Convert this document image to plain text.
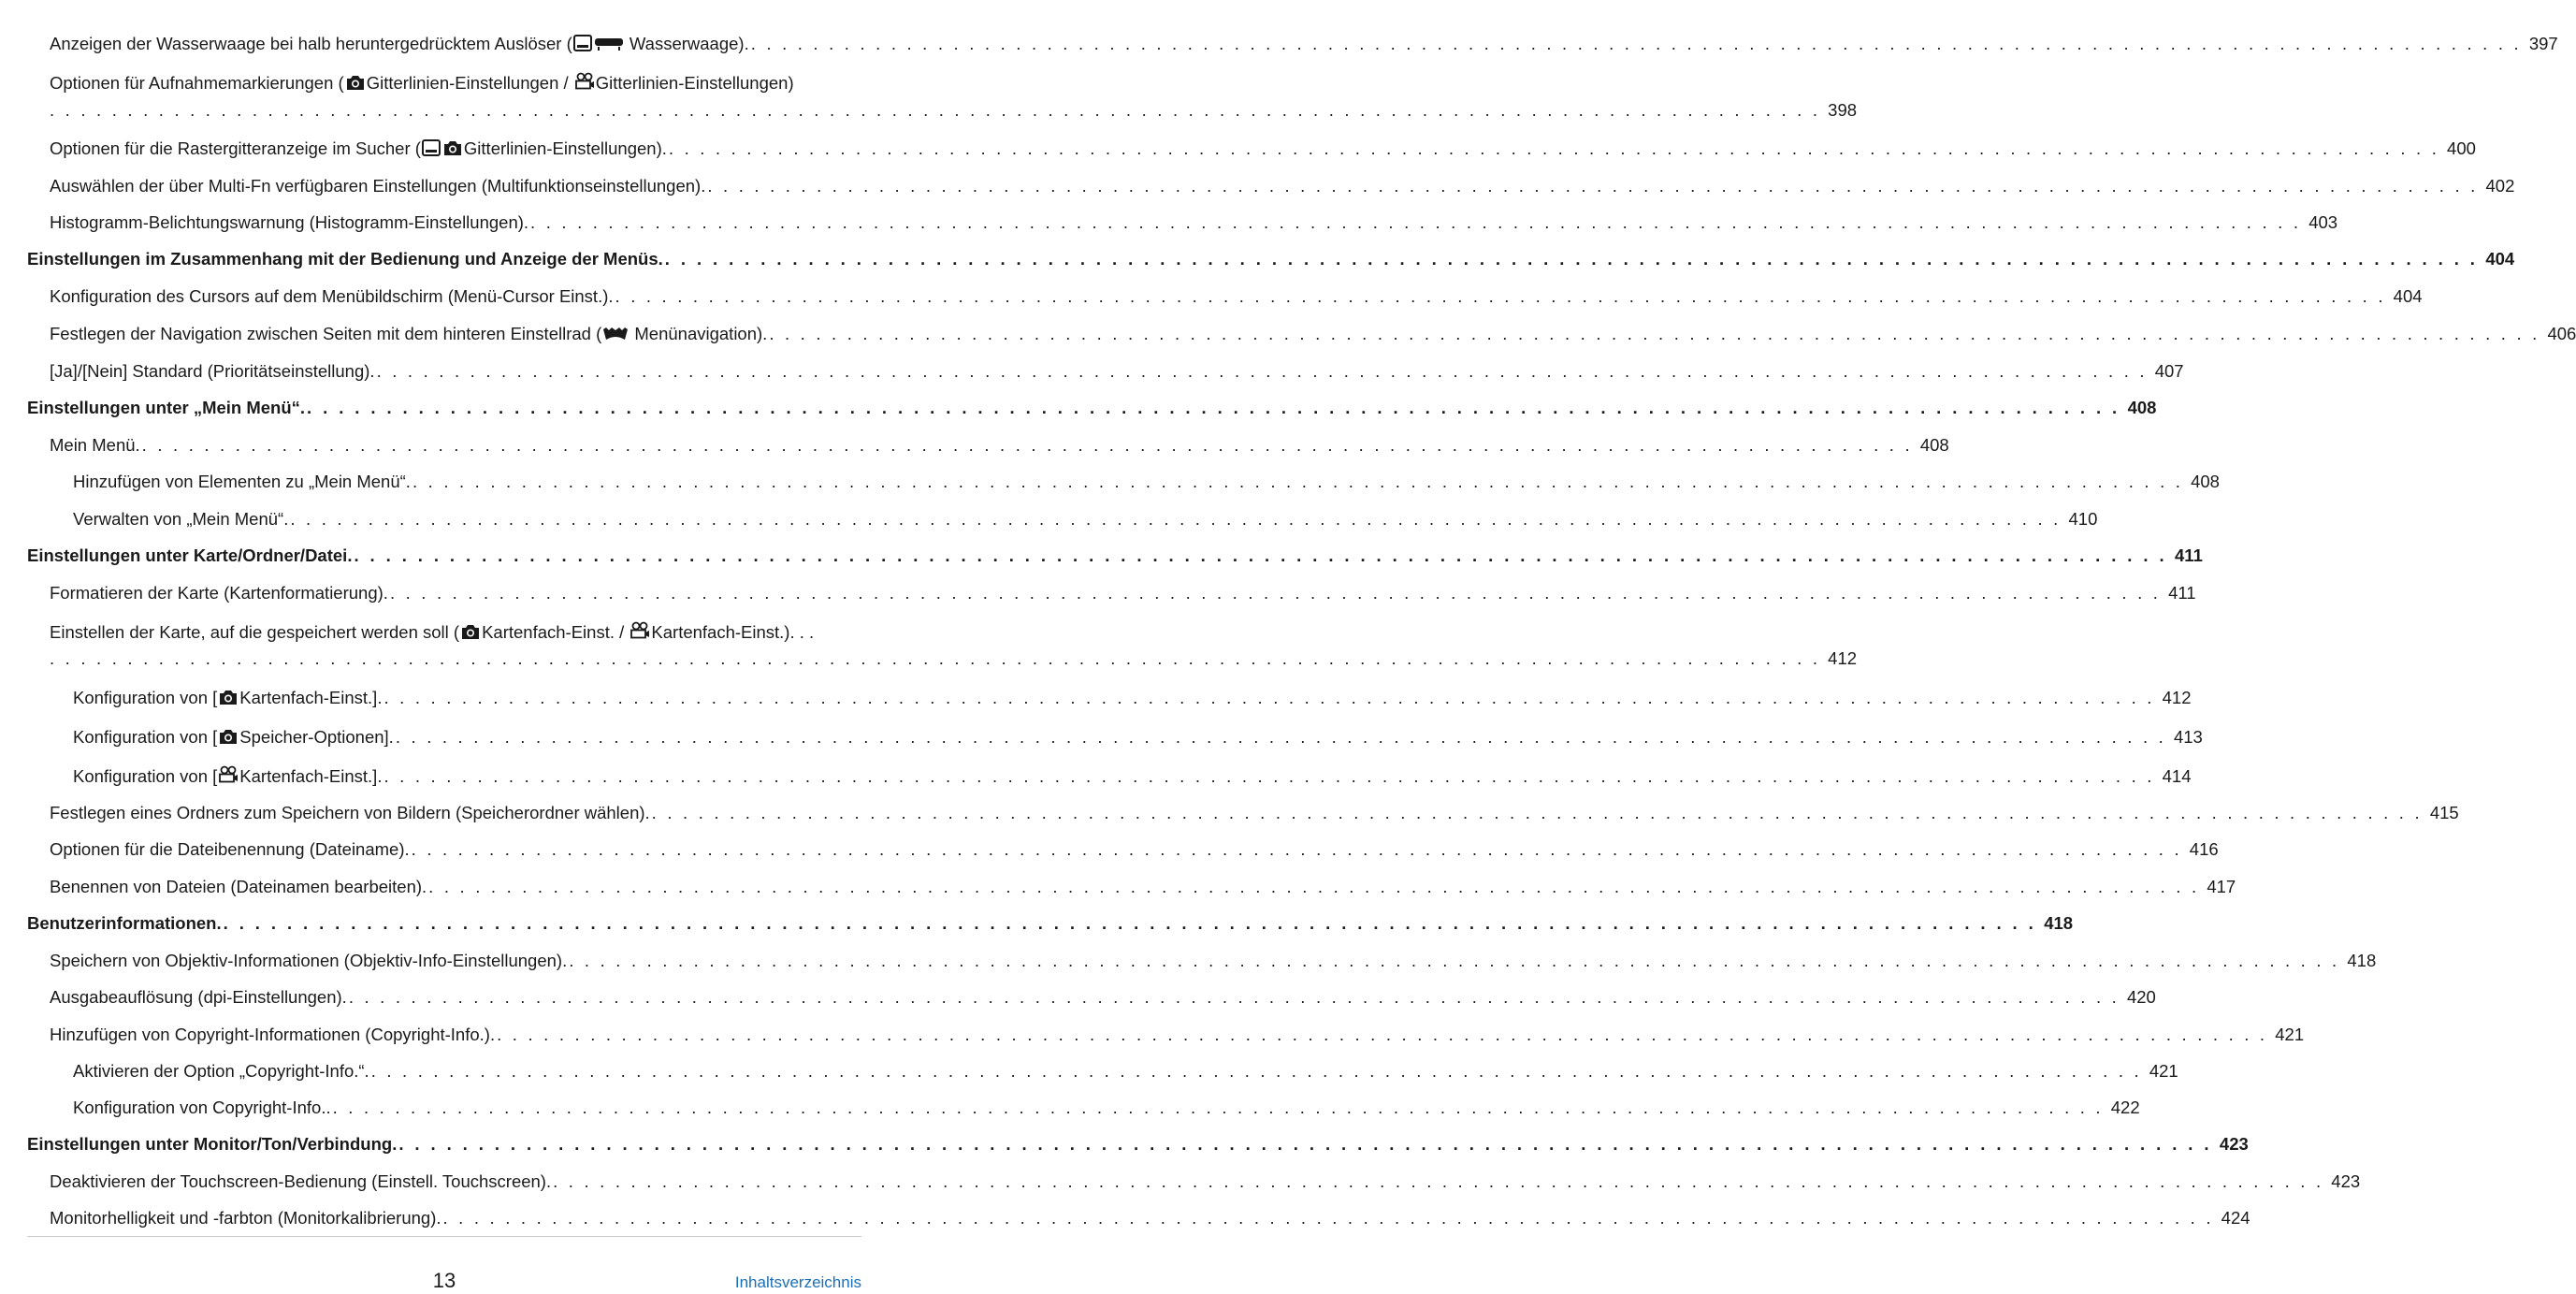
Anzeigen der Wasserwaage bei halb heruntergedrücktem Auslöser (	Wasserwaage). . . . . . . . . . . . . . . . . . . . . . . . . . . . . . . . . . . . . . . . . . . . . . . . . . . . . . . . . . . . . . . . . . . . . . . . . . . . . . . . . . . . . . . . . . . . . . . . . . . . . . . . . . . . . . . . . . . 397
Optionen für Aufnahmemarkierungen ( Gitterlinien-Einstellungen / Gitterlinien-Einstellungen)
. . . . . . . . . . . . . . . . . . . . . . . . . . . . . . . . . . . . . . . . . . . . . . . . . . . . . . . . . . . . . . . . . . . . . . . . . . . . . . . . . . . . . . . . . . . . . . . . . . . . . . . . . . . . . . . . . . 398
Optionen für die Rastergitteranzeige im Sucher ( Gitterlinien-Einstellungen). . . . . . . . . . . . . . . . . . . . . . . . . . . . . . . . . . . . . . . . . . . . . . . . . . . . . . . . . . . . . . . . . . . . . . . . . . . . . . . . . . . . . . . . . . . . . . . . . . . . . . . . . . . . . . . . . . . 400
Auswählen der über Multi-Fn verfügbaren Einstellungen (Multifunktionseinstellungen). . . . . . . . . . . . . . . . . . . . . . . . . . . . . . . . . . . . . . . . . . . . . . . . . . . . . . . . . . . . . . . . . . . . . . . . . . . . . . . . . . . . . . . . . . . . . . . . . . . . . . . . . . . . . . . . . . . 402
Histogramm-Belichtungswarnung (Histogramm-Einstellungen). . . . . . . . . . . . . . . . . . . . . . . . . . . . . . . . . . . . . . . . . . . . . . . . . . . . . . . . . . . . . . . . . . . . . . . . . . . . . . . . . . . . . . . . . . . . . . . . . . . . . . . . . . . . . . . . . . . 403
Einstellungen im Zusammenhang mit der Bedienung und Anzeige der Menüs. . . . . . . . . . . . . . . . . . . . . . . . . . . . . . . . . . . . . . . . . . . . . . . . . . . . . . . . . . . . . . . . . . . . . . . . . . . . . . . . . . . . . . . . . . . . . . . . . . . . . . . . . . . . . . . . . . . 404
Konfiguration des Cursors auf dem Menübildschirm (Menü-Cursor Einst.). . . . . . . . . . . . . . . . . . . . . . . . . . . . . . . . . . . . . . . . . . . . . . . . . . . . . . . . . . . . . . . . . . . . . . . . . . . . . . . . . . . . . . . . . . . . . . . . . . . . . . . . . . . . . . . . . . . 404
Festlegen der Navigation zwischen Seiten mit dem hinteren Einstellrad ( Menünavigation). . . . . . . . . . . . . . . . . . . . . . . . . . . . . . . . . . . . . . . . . . . . . . . . . . . . . . . . . . . . . . . . . . . . . . . . . . . . . . . . . . . . . . . . . . . . . . . . . . . . . . . . . . . . . . . . . . . 406
[Ja]/[Nein] Standard (Prioritätseinstellung). . . . . . . . . . . . . . . . . . . . . . . . . . . . . . . . . . . . . . . . . . . . . . . . . . . . . . . . . . . . . . . . . . . . . . . . . . . . . . . . . . . . . . . . . . . . . . . . . . . . . . . . . . . . . . . . . . . 407
Einstellungen unter „Mein Menü“. . . . . . . . . . . . . . . . . . . . . . . . . . . . . . . . . . . . . . . . . . . . . . . . . . . . . . . . . . . . . . . . . . . . . . . . . . . . . . . . . . . . . . . . . . . . . . . . . . . . . . . . . . . . . . . . . . . 408
Mein Menü. . . . . . . . . . . . . . . . . . . . . . . . . . . . . . . . . . . . . . . . . . . . . . . . . . . . . . . . . . . . . . . . . . . . . . . . . . . . . . . . . . . . . . . . . . . . . . . . . . . . . . . . . . . . . . . . . . . 408
Hinzufügen von Elementen zu „Mein Menü“. . . . . . . . . . . . . . . . . . . . . . . . . . . . . . . . . . . . . . . . . . . . . . . . . . . . . . . . . . . . . . . . . . . . . . . . . . . . . . . . . . . . . . . . . . . . . . . . . . . . . . . . . . . . . . . . . . . 408
Verwalten von „Mein Menü“. . . . . . . . . . . . . . . . . . . . . . . . . . . . . . . . . . . . . . . . . . . . . . . . . . . . . . . . . . . . . . . . . . . . . . . . . . . . . . . . . . . . . . . . . . . . . . . . . . . . . . . . . . . . . . . . . . . 410
Einstellungen unter Karte/Ordner/Datei. . . . . . . . . . . . . . . . . . . . . . . . . . . . . . . . . . . . . . . . . . . . . . . . . . . . . . . . . . . . . . . . . . . . . . . . . . . . . . . . . . . . . . . . . . . . . . . . . . . . . . . . . . . . . . . . . . . 411
Formatieren der Karte (Kartenformatierung). . . . . . . . . . . . . . . . . . . . . . . . . . . . . . . . . . . . . . . . . . . . . . . . . . . . . . . . . . . . . . . . . . . . . . . . . . . . . . . . . . . . . . . . . . . . . . . . . . . . . . . . . . . . . . . . . . . 411
Einstellen der Karte, auf die gespeichert werden soll ( Kartenfach-Einst. / Kartenfach-Einst.). . .
. . . . . . . . . . . . . . . . . . . . . . . . . . . . . . . . . . . . . . . . . . . . . . . . . . . . . . . . . . . . . . . . . . . . . . . . . . . . . . . . . . . . . . . . . . . . . . . . . . . . . . . . . . . . . . . . . . 412
Konfiguration von [ Kartenfach-Einst.]. . . . . . . . . . . . . . . . . . . . . . . . . . . . . . . . . . . . . . . . . . . . . . . . . . . . . . . . . . . . . . . . . . . . . . . . . . . . . . . . . . . . . . . . . . . . . . . . . . . . . . . . . . . . . . . . . . . 412
Konfiguration von [ Speicher-Optionen]. . . . . . . . . . . . . . . . . . . . . . . . . . . . . . . . . . . . . . . . . . . . . . . . . . . . . . . . . . . . . . . . . . . . . . . . . . . . . . . . . . . . . . . . . . . . . . . . . . . . . . . . . . . . . . . . . . . 413
Konfiguration von [ Kartenfach-Einst.]. . . . . . . . . . . . . . . . . . . . . . . . . . . . . . . . . . . . . . . . . . . . . . . . . . . . . . . . . . . . . . . . . . . . . . . . . . . . . . . . . . . . . . . . . . . . . . . . . . . . . . . . . . . . . . . . . . . 414
Festlegen eines Ordners zum Speichern von Bildern (Speicherordner wählen). . . . . . . . . . . . . . . . . . . . . . . . . . . . . . . . . . . . . . . . . . . . . . . . . . . . . . . . . . . . . . . . . . . . . . . . . . . . . . . . . . . . . . . . . . . . . . . . . . . . . . . . . . . . . . . . . . . 415
Optionen für die Dateibenennung (Dateiname). . . . . . . . . . . . . . . . . . . . . . . . . . . . . . . . . . . . . . . . . . . . . . . . . . . . . . . . . . . . . . . . . . . . . . . . . . . . . . . . . . . . . . . . . . . . . . . . . . . . . . . . . . . . . . . . . . . 416
Benennen von Dateien (Dateinamen bearbeiten). . . . . . . . . . . . . . . . . . . . . . . . . . . . . . . . . . . . . . . . . . . . . . . . . . . . . . . . . . . . . . . . . . . . . . . . . . . . . . . . . . . . . . . . . . . . . . . . . . . . . . . . . . . . . . . . . . . 417
Benutzerinformationen. . . . . . . . . . . . . . . . . . . . . . . . . . . . . . . . . . . . . . . . . . . . . . . . . . . . . . . . . . . . . . . . . . . . . . . . . . . . . . . . . . . . . . . . . . . . . . . . . . . . . . . . . . . . . . . . . . . 418
Speichern von Objektiv-Informationen (Objektiv-Info-Einstellungen). . . . . . . . . . . . . . . . . . . . . . . . . . . . . . . . . . . . . . . . . . . . . . . . . . . . . . . . . . . . . . . . . . . . . . . . . . . . . . . . . . . . . . . . . . . . . . . . . . . . . . . . . . . . . . . . . . . 418
Ausgabeauflösung (dpi-Einstellungen). . . . . . . . . . . . . . . . . . . . . . . . . . . . . . . . . . . . . . . . . . . . . . . . . . . . . . . . . . . . . . . . . . . . . . . . . . . . . . . . . . . . . . . . . . . . . . . . . . . . . . . . . . . . . . . . . . . 420
Hinzufügen von Copyright-Informationen (Copyright-Info.). . . . . . . . . . . . . . . . . . . . . . . . . . . . . . . . . . . . . . . . . . . . . . . . . . . . . . . . . . . . . . . . . . . . . . . . . . . . . . . . . . . . . . . . . . . . . . . . . . . . . . . . . . . . . . . . . . . 421
Aktivieren der Option „Copyright-Info.“. . . . . . . . . . . . . . . . . . . . . . . . . . . . . . . . . . . . . . . . . . . . . . . . . . . . . . . . . . . . . . . . . . . . . . . . . . . . . . . . . . . . . . . . . . . . . . . . . . . . . . . . . . . . . . . . . . . 421
Konfiguration von Copyright-Info.. . . . . . . . . . . . . . . . . . . . . . . . . . . . . . . . . . . . . . . . . . . . . . . . . . . . . . . . . . . . . . . . . . . . . . . . . . . . . . . . . . . . . . . . . . . . . . . . . . . . . . . . . . . . . . . . . . . 422
Einstellungen unter Monitor/Ton/Verbindung. . . . . . . . . . . . . . . . . . . . . . . . . . . . . . . . . . . . . . . . . . . . . . . . . . . . . . . . . . . . . . . . . . . . . . . . . . . . . . . . . . . . . . . . . . . . . . . . . . . . . . . . . . . . . . . . . . . 423
Deaktivieren der Touchscreen-Bedienung (Einstell. Touchscreen). . . . . . . . . . . . . . . . . . . . . . . . . . . . . . . . . . . . . . . . . . . . . . . . . . . . . . . . . . . . . . . . . . . . . . . . . . . . . . . . . . . . . . . . . . . . . . . . . . . . . . . . . . . . . . . . . . . 423
Monitorhelligkeit und -farbton (Monitorkalibrierung). . . . . . . . . . . . . . . . . . . . . . . . . . . . . . . . . . . . . . . . . . . . . . . . . . . . . . . . . . . . . . . . . . . . . . . . . . . . . . . . . . . . . . . . . . . . . . . . . . . . . . . . . . . . . . . . . . . 424
13	Inhaltsverzeichnis
